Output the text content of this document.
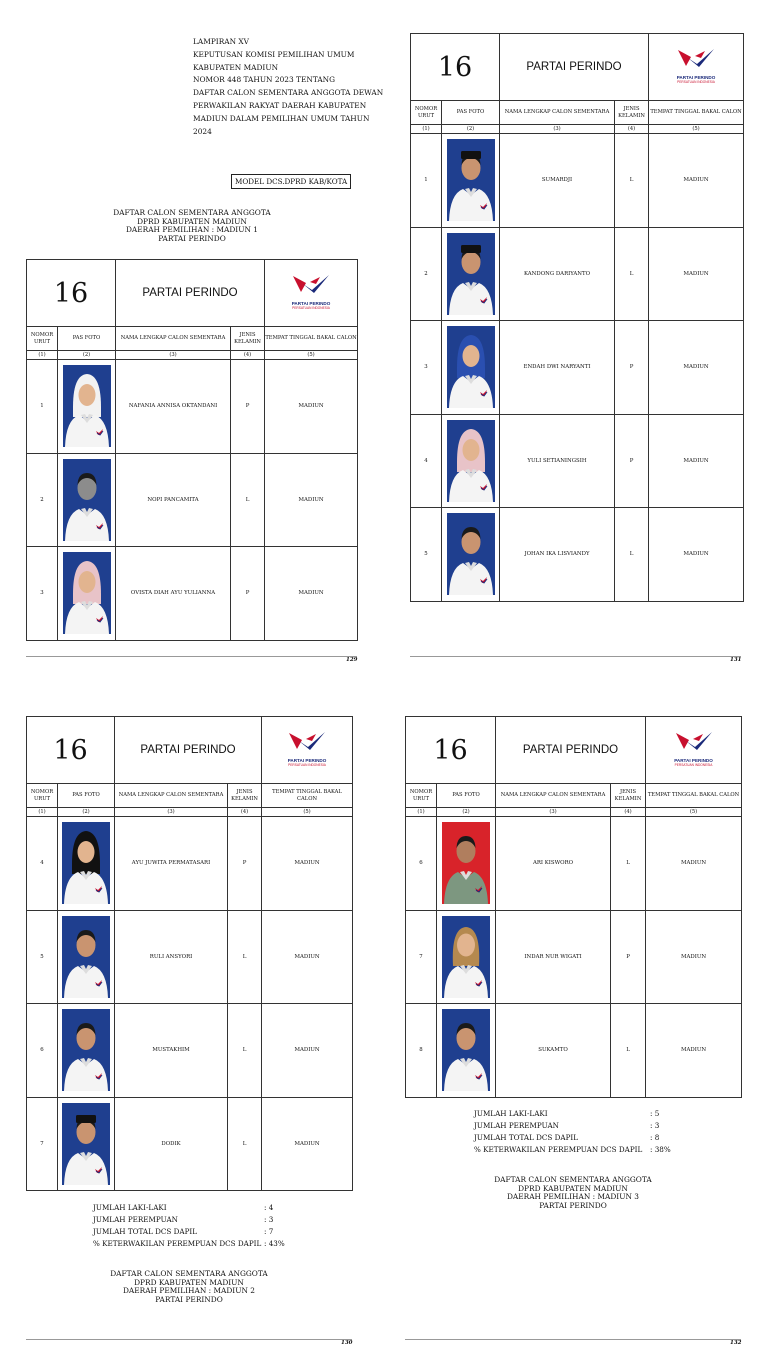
LAMPIRAN XV
KEPUTUSAN KOMISI PEMILIHAN UMUM
KABUPATEN MADIUN
NOMOR 448 TAHUN 2023 TENTANG
DAFTAR CALON SEMENTARA ANGGOTA DEWAN
PERWAKILAN RAKYAT DAERAH KABUPATEN
MADIUN DALAM PEMILIHAN UMUM TAHUN
2024
MODEL DCS.DPRD KAB/KOTA
DAFTAR CALON SEMENTARA ANGGOTA
DPRD KABUPATEN MADIUN
DAERAH PEMILIHAN : MADIUN 1
PARTAI PERINDO
16		PARTAI PERINDO		PARTAI PERINDO
PERSATUAN INDONESIA

NOMOR URUT	PAS FOTO	NAMA LENGKAP CALON SEMENTARA	JENIS KELAMIN	TEMPAT TINGGAL BAKAL CALON
(1)	(2)	(3)	(4)	(5)
1		NAFANIA ANNISA OKTANDANI	P	MADIUN
2		NOPI PANCAMITA	L	MADIUN
3		OVISTA DIAH AYU YULIANNA	P	MADIUN
129
16		PARTAI PERINDO		PARTAI PERINDO
PERSATUAN INDONESIA

NOMOR URUT	PAS FOTO	NAMA LENGKAP CALON SEMENTARA	JENIS KELAMIN	TEMPAT TINGGAL BAKAL CALON
(1)	(2)	(3)	(4)	(5)
1		SUMARDJI	L	MADIUN
2		KANDONG DARIYANTO	L	MADIUN
3		ENDAH DWI NARYANTI	P	MADIUN
4		YULI SETIANINGSIH	P	MADIUN
5		JOHAN IKA LISVIANDY	L	MADIUN
131
16		PARTAI PERINDO		PARTAI PERINDO
PERSATUAN INDONESIA

NOMOR URUT	PAS FOTO	NAMA LENGKAP CALON SEMENTARA	JENIS KELAMIN	TEMPAT TINGGAL BAKAL CALON
(1)	(2)	(3)	(4)	(5)
4		AYU JUWITA PERMATASARI	P	MADIUN
5		RULI ANSYORI	L	MADIUN
6		MUSTAKHIM	L	MADIUN
7		DODIK	L	MADIUN
JUMLAH LAKI-LAKI	: 4
JUMLAH PEREMPUAN	: 3
JUMLAH TOTAL DCS DAPIL	: 7
% KETERWAKILAN PEREMPUAN DCS DAPIL : 43%
DAFTAR CALON SEMENTARA ANGGOTA
DPRD KABUPATEN MADIUN
DAERAH PEMILIHAN : MADIUN 2
PARTAI PERINDO
130
16		PARTAI PERINDO		PARTAI PERINDO
PERSATUAN INDONESIA

NOMOR URUT	PAS FOTO	NAMA LENGKAP CALON SEMENTARA	JENIS KELAMIN	TEMPAT TINGGAL BAKAL CALON
(1)	(2)	(3)	(4)	(5)
6		ARI KISWORO	L	MADIUN
7		INDAR NUR WIGATI	P	MADIUN
8		SUKAMTO	L	MADIUN
JUMLAH LAKI-LAKI	: 5
JUMLAH PEREMPUAN	: 3
JUMLAH TOTAL DCS DAPIL	: 8
% KETERWAKILAN PEREMPUAN DCS DAPIL : 38%
DAFTAR CALON SEMENTARA ANGGOTA
DPRD KABUPATEN MADIUN
DAERAH PEMILIHAN : MADIUN 3
PARTAI PERINDO
132
